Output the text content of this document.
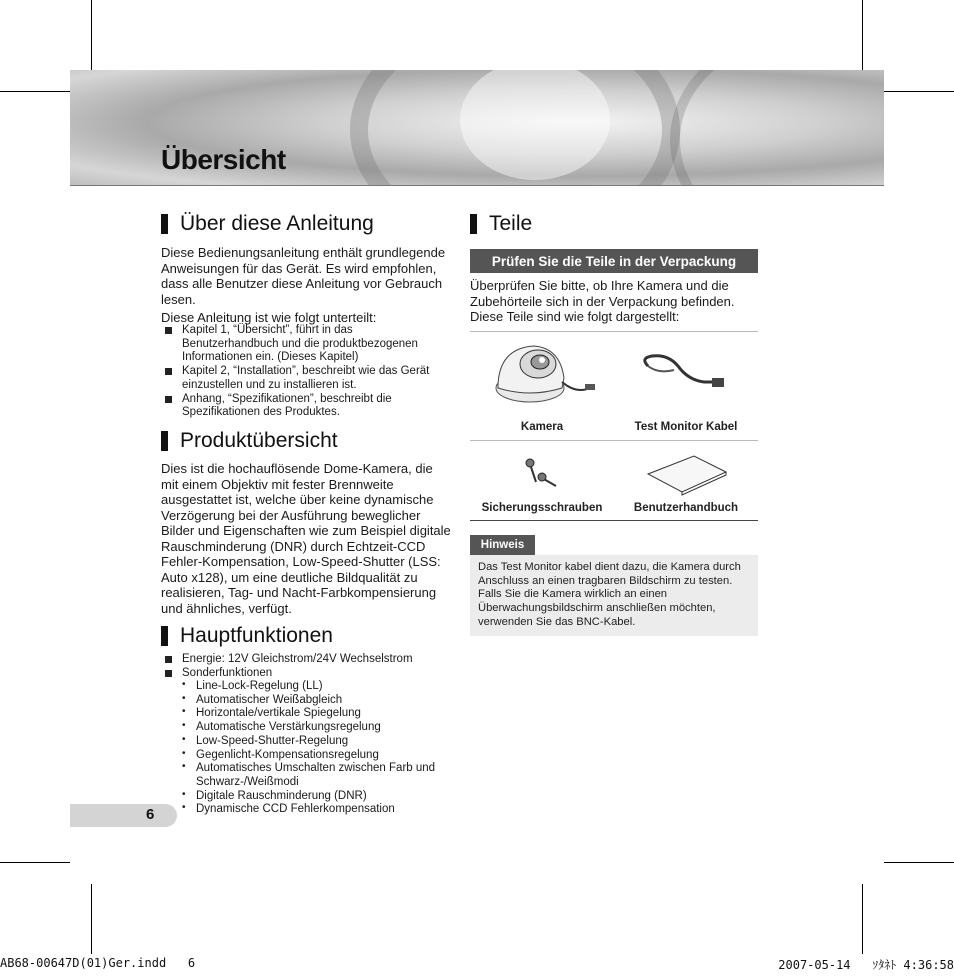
Übersicht
Über diese Anleitung
Diese Bedienungsanleitung enthält grundlegende Anweisungen für das Gerät. Es wird empfohlen, dass alle Benutzer diese Anleitung vor Gebrauch lesen.
Diese Anleitung ist wie folgt unterteilt:
Kapitel 1, “Übersicht”, führt in das Benutzerhandbuch und die produktbezogenen Informationen ein. (Dieses Kapitel)
Kapitel 2, “Installation”, beschreibt wie das Gerät einzustellen und zu installieren ist.
Anhang, “Spezifikationen”, beschreibt die Spezifikationen des Produktes.
Produktübersicht
Dies ist die hochauflösende Dome-Kamera, die mit einem Objektiv mit fester Brennweite ausgestattet ist, welche über keine dynamische Verzögerung bei der Ausführung beweglicher Bilder und Eigenschaften wie zum Beispiel digitale Rauschminderung (DNR) durch Echtzeit-CCD Fehler-Kompensation, Low-Speed-Shutter (LSS: Auto x128), um eine deutliche Bildqualität zu realisieren, Tag- und Nacht-Farbkompensierung und ähnliches, verfügt.
Hauptfunktionen
Energie: 12V Gleichstrom/24V Wechselstrom
Sonderfunktionen
• Line-Lock-Regelung (LL)
• Automatischer Weißabgleich
• Horizontale/vertikale Spiegelung
• Automatische Verstärkungsregelung
• Low-Speed-Shutter-Regelung
• Gegenlicht-Kompensationsregelung
• Automatisches Umschalten zwischen Farb und Schwarz-/Weißmodi
• Digitale Rauschminderung (DNR)
• Dynamische CCD Fehlerkompensation
Teile
Prüfen Sie die Teile in der Verpackung
Überprüfen Sie bitte, ob Ihre Kamera und die Zubehörteile sich in der Verpackung befinden. Diese Teile sind wie folgt dargestellt:
Kamera	Test Monitor Kabel
Sicherungsschrauben	Benutzerhandbuch
Hinweis
Das Test Monitor kabel dient dazu, die Kamera durch Anschluss an einen tragbaren Bildschirm zu testen. Falls Sie die Kamera wirklich an einen Überwachungsbildschirm anschließen möchten, verwenden Sie das BNC-Kabel.
6
AB68-00647D(01)Ger.indd   6	2007-05-14   ｿﾀﾈﾄ 4:36:58
